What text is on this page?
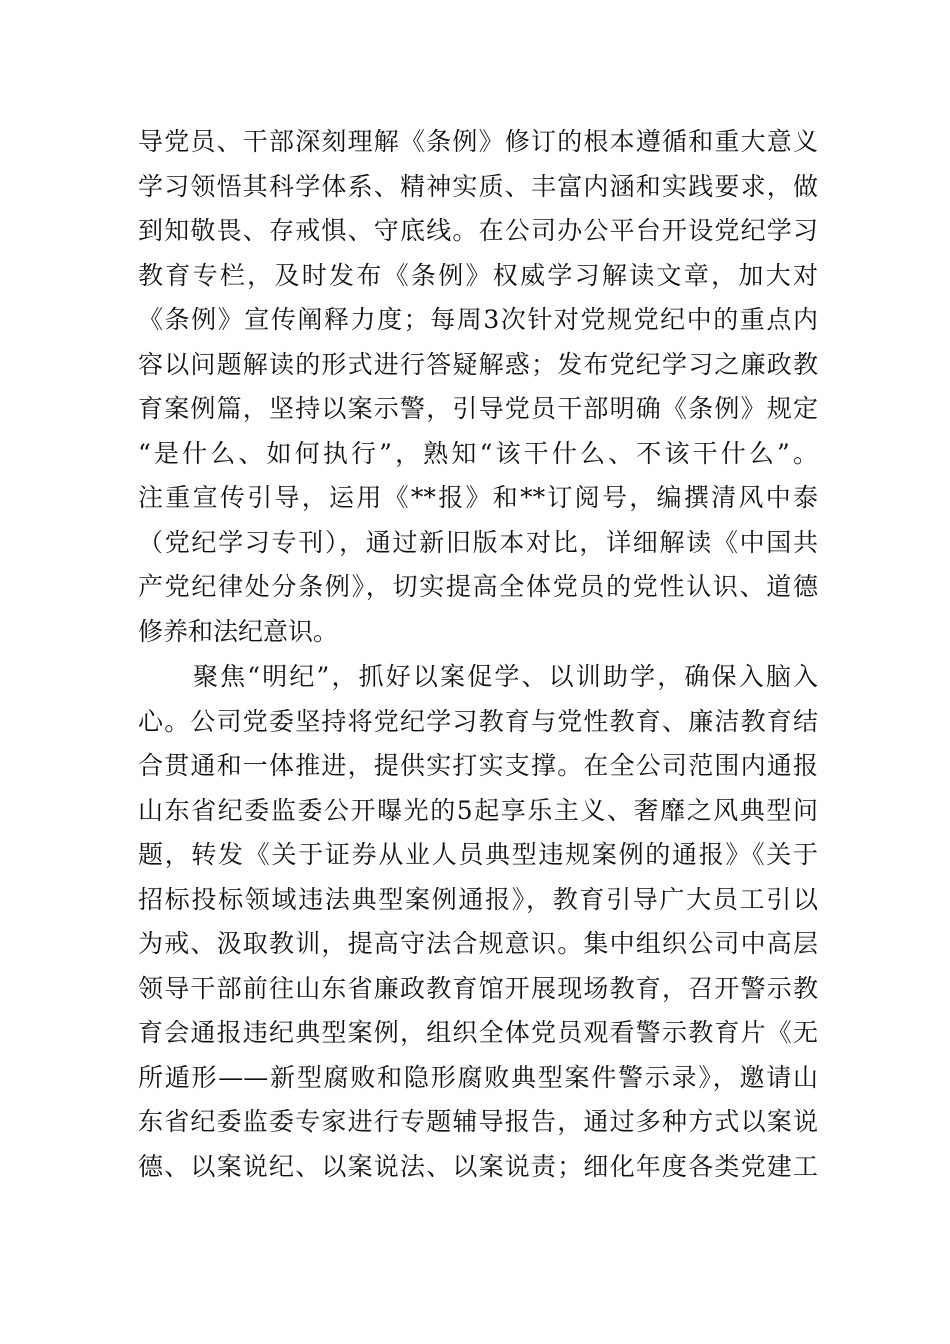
导党员、干部深刻理解《条例》修订的根本遵循和重大意义
学习领悟其科学体系、精神实质、丰富内涵和实践要求，做
到知敬畏、存戒惧、守底线。在公司办公平台开设党纪学习
教育专栏，及时发布《条例》权威学习解读文章，加大对
《条例》宣传阐释力度；每周3次针对党规党纪中的重点内
容以问题解读的形式进行答疑解惑；发布党纪学习之廉政教
育案例篇，坚持以案示警，引导党员干部明确《条例》规定
“是什么、如何执行”，熟知“该干什么、不该干什么”。
注重宣传引导，运用《**报》和**订阅号，编撰清风中泰
（党纪学习专刊），通过新旧版本对比，详细解读《中国共
产党纪律处分条例》，切实提高全体党员的党性认识、道德
修养和法纪意识。
聚焦“明纪”，抓好以案促学、以训助学，确保入脑入
心。公司党委坚持将党纪学习教育与党性教育、廉洁教育结
合贯通和一体推进，提供实打实支撑。在全公司范围内通报
山东省纪委监委公开曝光的5起享乐主义、奢靡之风典型问
题，转发《关于证券从业人员典型违规案例的通报》《关于
招标投标领域违法典型案例通报》，教育引导广大员工引以
为戒、汲取教训，提高守法合规意识。集中组织公司中高层
领导干部前往山东省廉政教育馆开展现场教育，召开警示教
育会通报违纪典型案例，组织全体党员观看警示教育片《无
所遁形——新型腐败和隐形腐败典型案件警示录》，邀请山
东省纪委监委专家进行专题辅导报告，通过多种方式以案说
德、以案说纪、以案说法、以案说责；细化年度各类党建工
